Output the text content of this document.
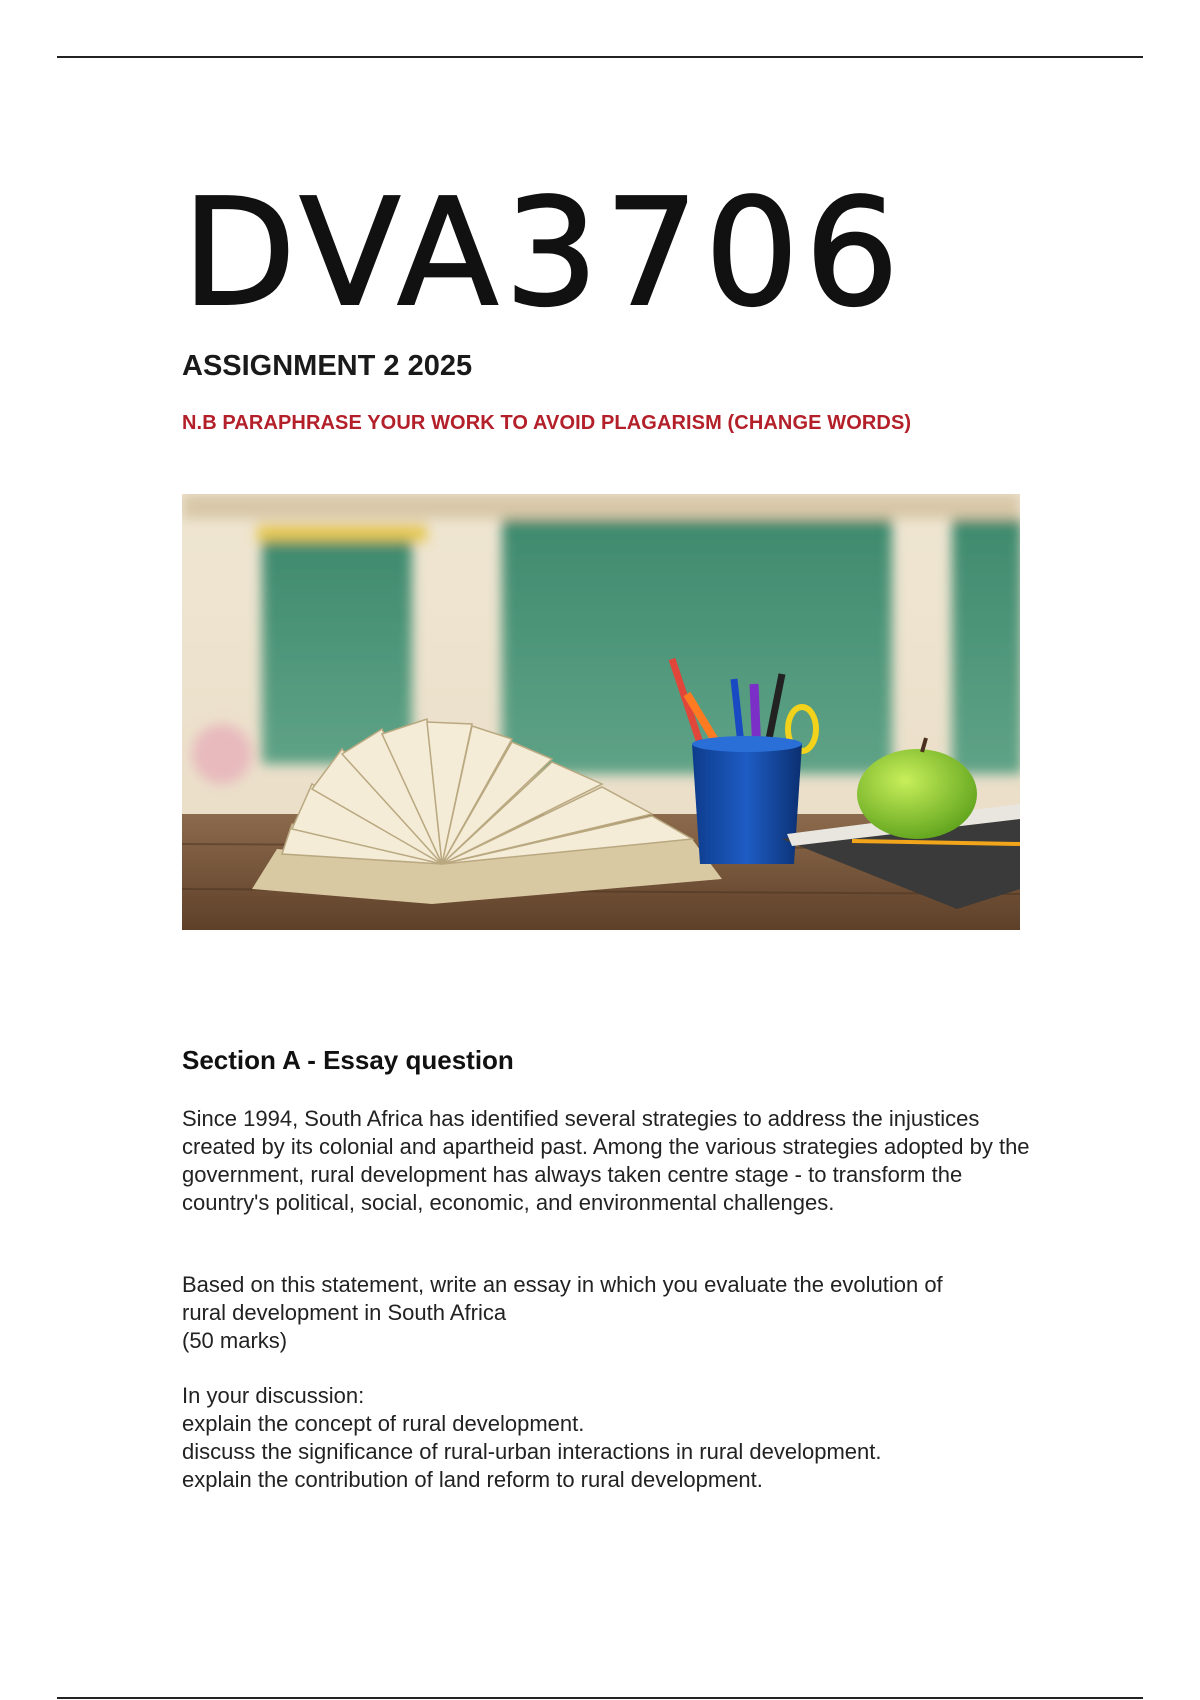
DVA3706
ASSIGNMENT 2 2025
N.B PARAPHRASE YOUR WORK TO AVOID PLAGARISM (CHANGE WORDS)
Section A - Essay question
Since 1994, South Africa has identified several strategies to address the injustices created by its colonial and apartheid past. Among the various strategies adopted by the government, rural development has always taken centre stage - to transform the country's political, social, economic, and environmental challenges.
Based on this statement, write an essay in which you evaluate the evolution of
rural development in South Africa
(50 marks)
In your discussion:
explain the concept of rural development.
discuss the significance of rural-urban interactions in rural development.
explain the contribution of land reform to rural development.
